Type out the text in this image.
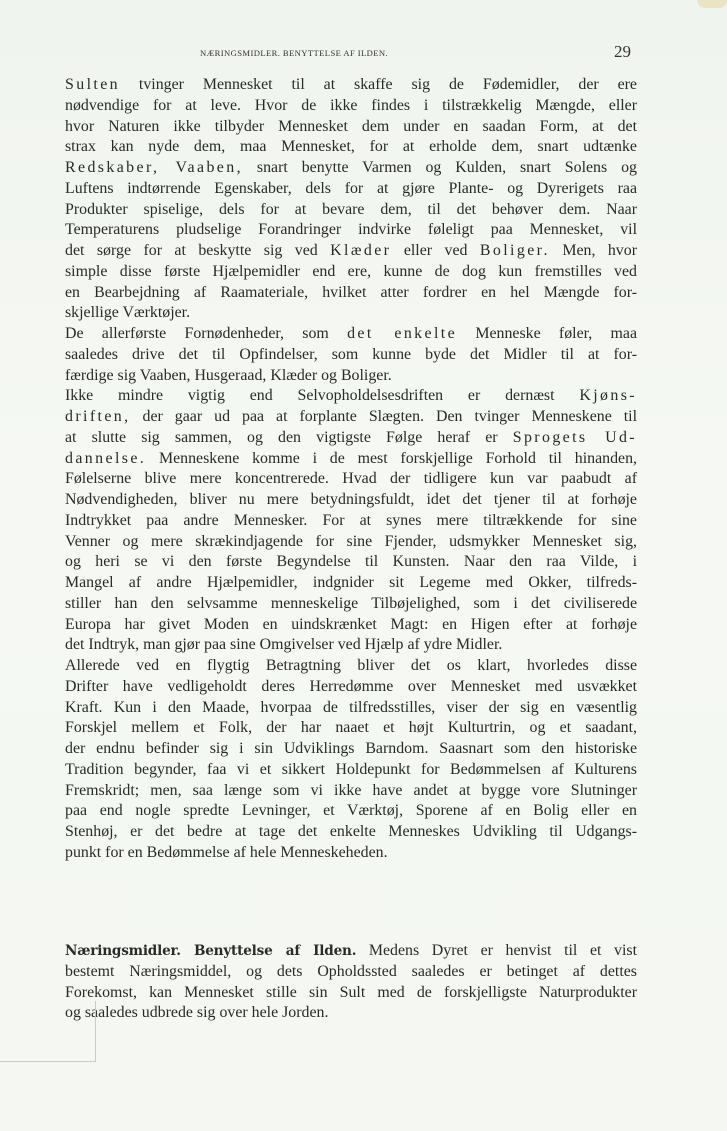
NÆRINGSMIDLER. BENYTTELSE AF ILDEN.	29

Sulten tvinger Mennesket til at skaffe sig de Fødemidler, der ere
nødvendige for at leve. Hvor de ikke findes i tilstrækkelig Mængde, eller
hvor Naturen ikke tilbyder Mennesket dem under en saadan Form, at det
strax kan nyde dem, maa Mennesket, for at erholde dem, snart udtænke
Redskaber, Vaaben, snart benytte Varmen og Kulden, snart Solens og
Luftens indtørrende Egenskaber, dels for at gjøre Plante- og Dyrerigets raa
Produkter spiselige, dels for at bevare dem, til det behøver dem. Naar
Temperaturens pludselige Forandringer indvirke føleligt paa Mennesket, vil
det sørge for at beskytte sig ved Klæder eller ved Boliger. Men, hvor
simple disse første Hjælpemidler end ere, kunne de dog kun fremstilles ved
en Bearbejdning af Raamateriale, hvilket atter fordrer en hel Mængde for-
skjellige Værktøjer.

De allerførste Fornødenheder, som det enkelte Menneske føler, maa
saaledes drive det til Opfindelser, som kunne byde det Midler til at for-
færdige sig Vaaben, Husgeraad, Klæder og Boliger.

Ikke mindre vigtig end Selvopholdelsesdriften er dernæst Kjøns-
driften, der gaar ud paa at forplante Slægten. Den tvinger Menneskene til
at slutte sig sammen, og den vigtigste Følge heraf er Sprogets Ud-
dannelse. Menneskene komme i de mest forskjellige Forhold til hinanden,
Følelserne blive mere koncentrerede. Hvad der tidligere kun var paabudt af
Nødvendigheden, bliver nu mere betydningsfuldt, idet det tjener til at forhøje
Indtrykket paa andre Mennesker. For at synes mere tiltrækkende for sine
Venner og mere skrækindjagende for sine Fjender, udsmykker Mennesket sig,
og heri se vi den første Begyndelse til Kunsten. Naar den raa Vilde, i
Mangel af andre Hjælpemidler, indgnider sit Legeme med Okker, tilfreds-
stiller han den selvsamme menneskelige Tilbøjelighed, som i det civiliserede
Europa har givet Moden en uindskrænket Magt: en Higen efter at forhøje
det Indtryk, man gjør paa sine Omgivelser ved Hjælp af ydre Midler.

Allerede ved en flygtig Betragtning bliver det os klart, hvorledes disse
Drifter have vedligeholdt deres Herredømme over Mennesket med usvækket
Kraft. Kun i den Maade, hvorpaa de tilfredsstilles, viser der sig en væsentlig
Forskjel mellem et Folk, der har naaet et højt Kulturtrin, og et saadant,
der endnu befinder sig i sin Udviklings Barndom. Saasnart som den historiske
Tradition begynder, faa vi et sikkert Holdepunkt for Bedømmelsen af Kulturens
Fremskridt; men, saa længe som vi ikke have andet at bygge vore Slutninger
paa end nogle spredte Levninger, et Værktøj, Sporene af en Bolig eller en
Stenhøj, er det bedre at tage det enkelte Menneskes Udvikling til Udgangs-
punkt for en Bedømmelse af hele Menneskeheden.

Næringsmidler. Benyttelse af Ilden. Medens Dyret er henvist til et vist
bestemt Næringsmiddel, og dets Opholdssted saaledes er betinget af dettes
Forekomst, kan Mennesket stille sin Sult med de forskjelligste Naturprodukter
og saaledes udbrede sig over hele Jorden.
